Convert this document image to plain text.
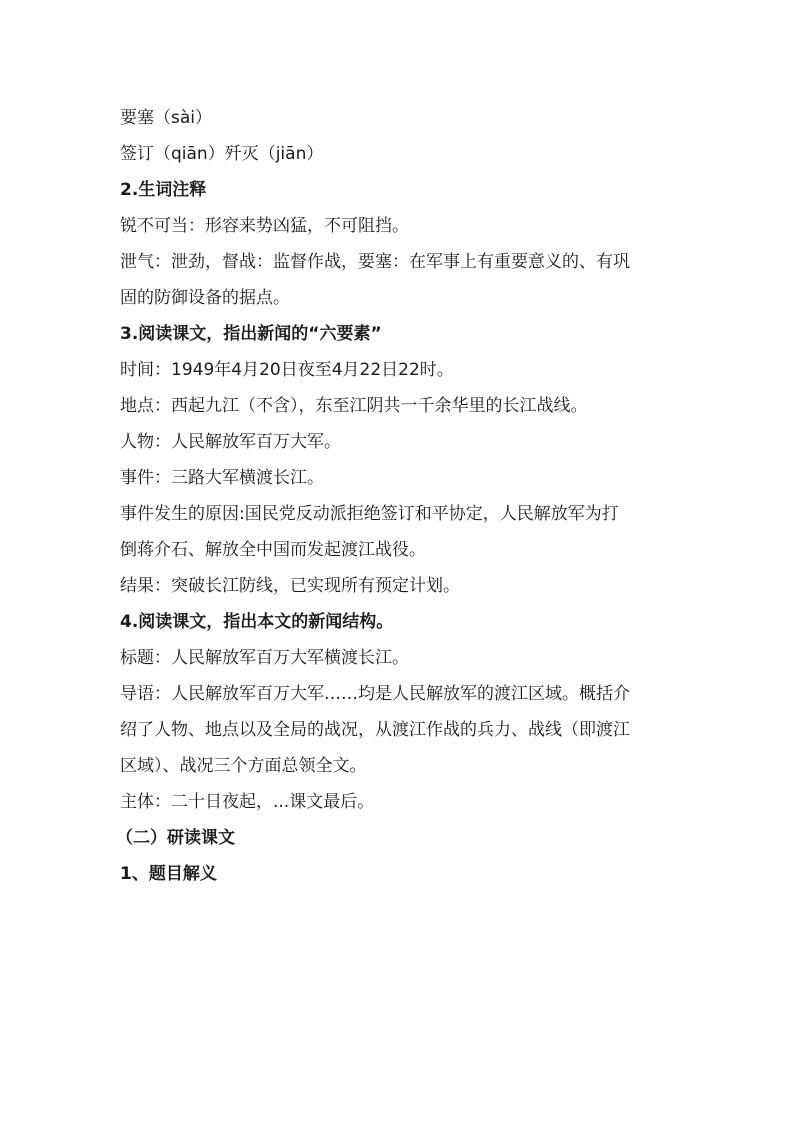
要塞（sài）

签订（qiān）歼灭（jiān）

2.生词注释

锐不可当：形容来势凶猛，不可阻挡。

泄气：泄劲，督战：监督作战，要塞：在军事上有重要意义的、有巩

固的防御设备的据点。

3.阅读课文，指出新闻的“六要素”

时间：1949年4月20日夜至4月22日22时。

地点：西起九江（不含），东至江阴共一千余华里的长江战线。

人物：人民解放军百万大军。

事件：三路大军横渡长江。

事件发生的原因:国民党反动派拒绝签订和平协定，人民解放军为打

倒蒋介石、解放全中国而发起渡江战役。

结果：突破长江防线，已实现所有预定计划。

4.阅读课文，指出本文的新闻结构。

标题：人民解放军百万大军横渡长江。

导语：人民解放军百万大军……均是人民解放军的渡江区域。概括介

绍了人物、地点以及全局的战况，从渡江作战的兵力、战线（即渡江

区域）、战况三个方面总领全文。

主体：二十日夜起，...课文最后。

（二）研读课文

1、题目解义
